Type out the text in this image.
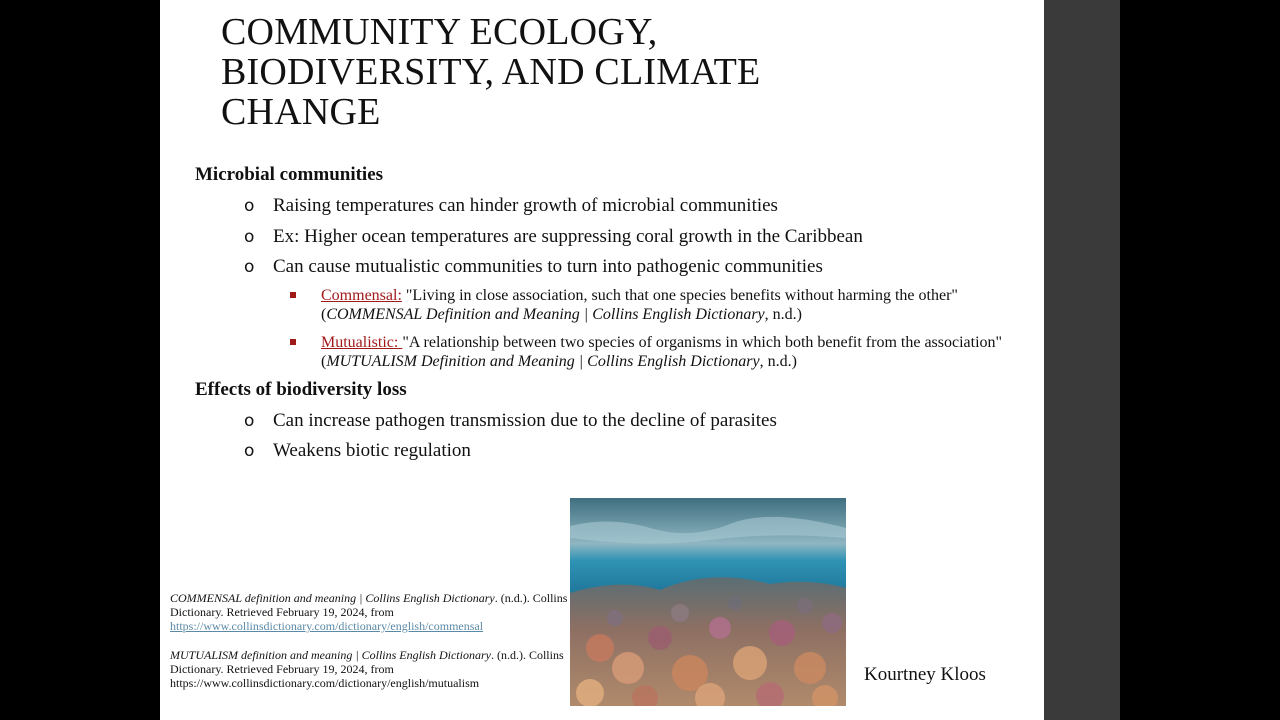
COMMUNITY ECOLOGY,
BIODIVERSITY, AND CLIMATE
CHANGE
Microbial communities
o Raising temperatures can hinder growth of microbial communities
o Ex: Higher ocean temperatures are suppressing coral growth in the Caribbean
o Can cause mutualistic communities to turn into pathogenic communities
Commensal: "Living in close association, such that one species benefits without harming the other" (COMMENSAL Definition and Meaning | Collins English Dictionary, n.d.)
Mutualistic: "A relationship between two species of organisms in which both benefit from the association" (MUTUALISM Definition and Meaning | Collins English Dictionary, n.d.)
Effects of biodiversity loss
o Can increase pathogen transmission due to the decline of parasites
o Weakens biotic regulation
COMMENSAL definition and meaning | Collins English Dictionary. (n.d.). Collins Dictionary. Retrieved February 19, 2024, from
https://www.collinsdictionary.com/dictionary/english/commensal
MUTUALISM definition and meaning | Collins English Dictionary. (n.d.). Collins Dictionary. Retrieved February 19, 2024, from
https://www.collinsdictionary.com/dictionary/english/mutualism	Kourtney Kloos
